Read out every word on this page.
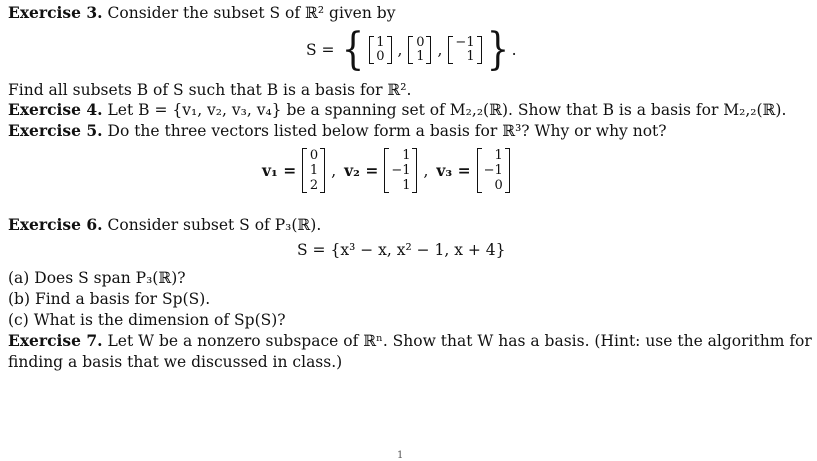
Exercise 3. Consider the subset S of ℝ² given by
S = { 1
0 , 0
1 , −1
1 } .
Find all subsets B of S such that B is a basis for ℝ².
Exercise 4. Let B = {v₁, v₂, v₃, v₄} be a spanning set of M₂,₂(ℝ). Show that B is a basis for M₂,₂(ℝ).
Exercise 5. Do the three vectors listed below form a basis for ℝ³? Why or why not?
v₁ =
0
1
2
, v₂ =
1
−1
1
, v₃ =
1
−1
0
Exercise 6. Consider subset S of P₃(ℝ).
S = {x³ − x, x² − 1, x + 4}
(a) Does S span P₃(ℝ)?
(b) Find a basis for Sp(S).
(c) What is the dimension of Sp(S)?
Exercise 7. Let W be a nonzero subspace of ℝⁿ. Show that W has a basis. (Hint: use the algorithm for
finding a basis that we discussed in class.)
1
